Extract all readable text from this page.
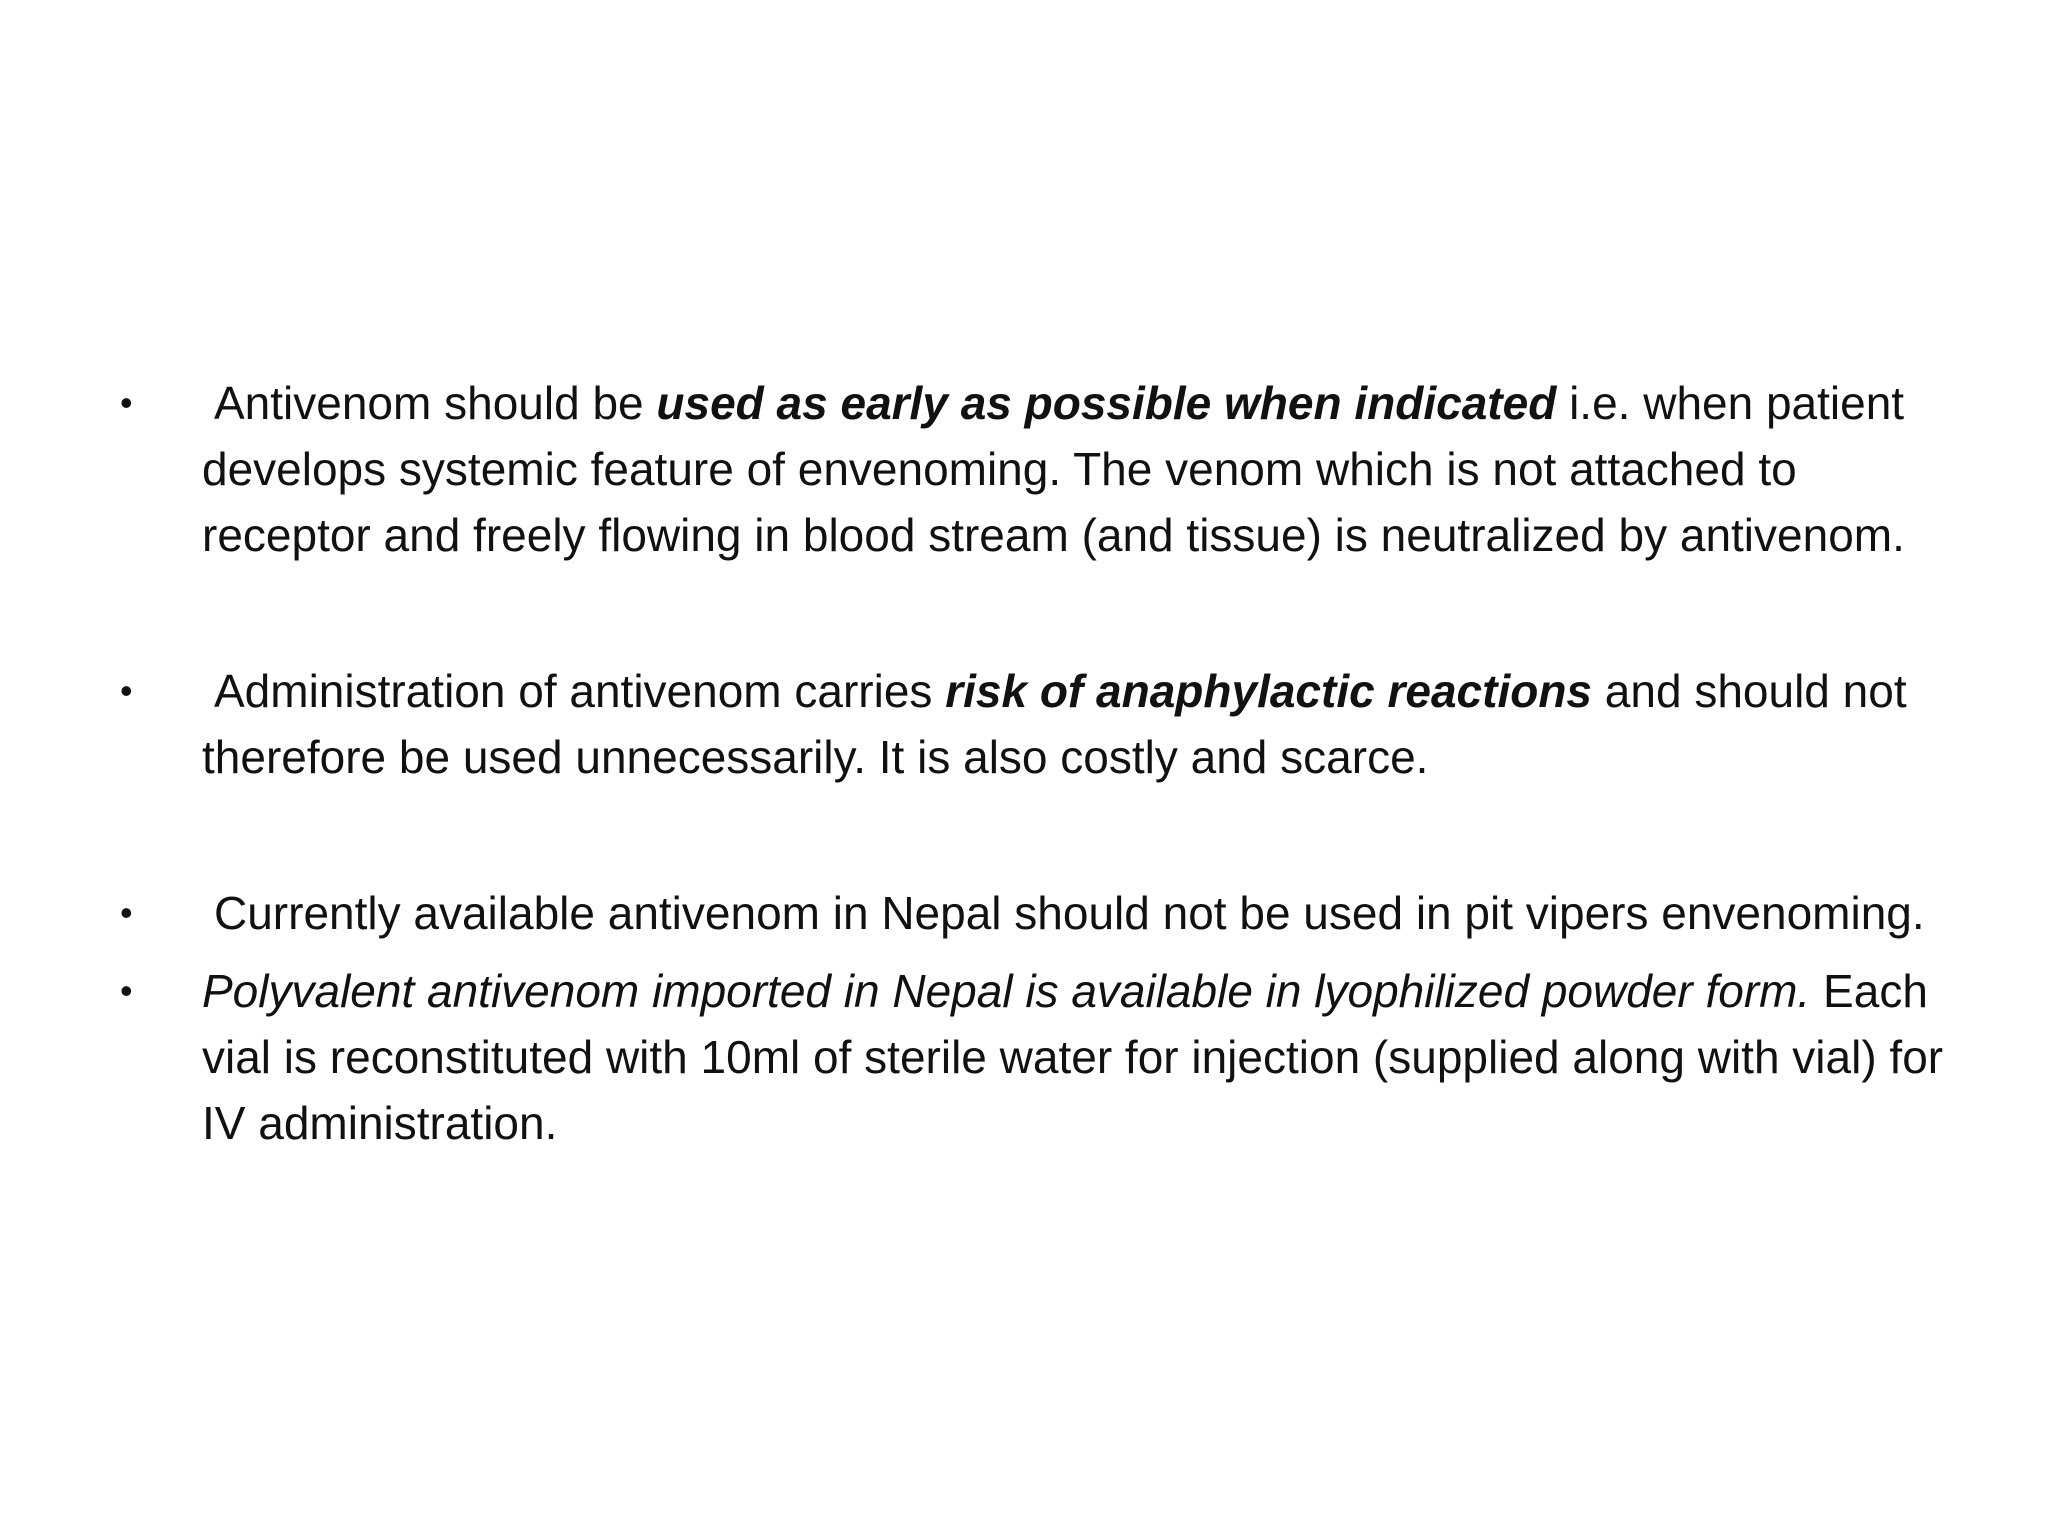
•	Antivenom should be used as early as possible when indicated i.e. when patient develops systemic feature of envenoming. The venom which is not attached to receptor and freely flowing in blood stream (and tissue) is neutralized by antivenom.
•	Administration of antivenom carries risk of anaphylactic reactions and should not therefore be used unnecessarily. It is also costly and scarce.
•	Currently available antivenom in Nepal should not be used in pit vipers envenoming.
•	Polyvalent antivenom imported in Nepal is available in lyophilized powder form. Each vial is reconstituted with 10ml of sterile water for injection (supplied along with vial) for IV administration.
